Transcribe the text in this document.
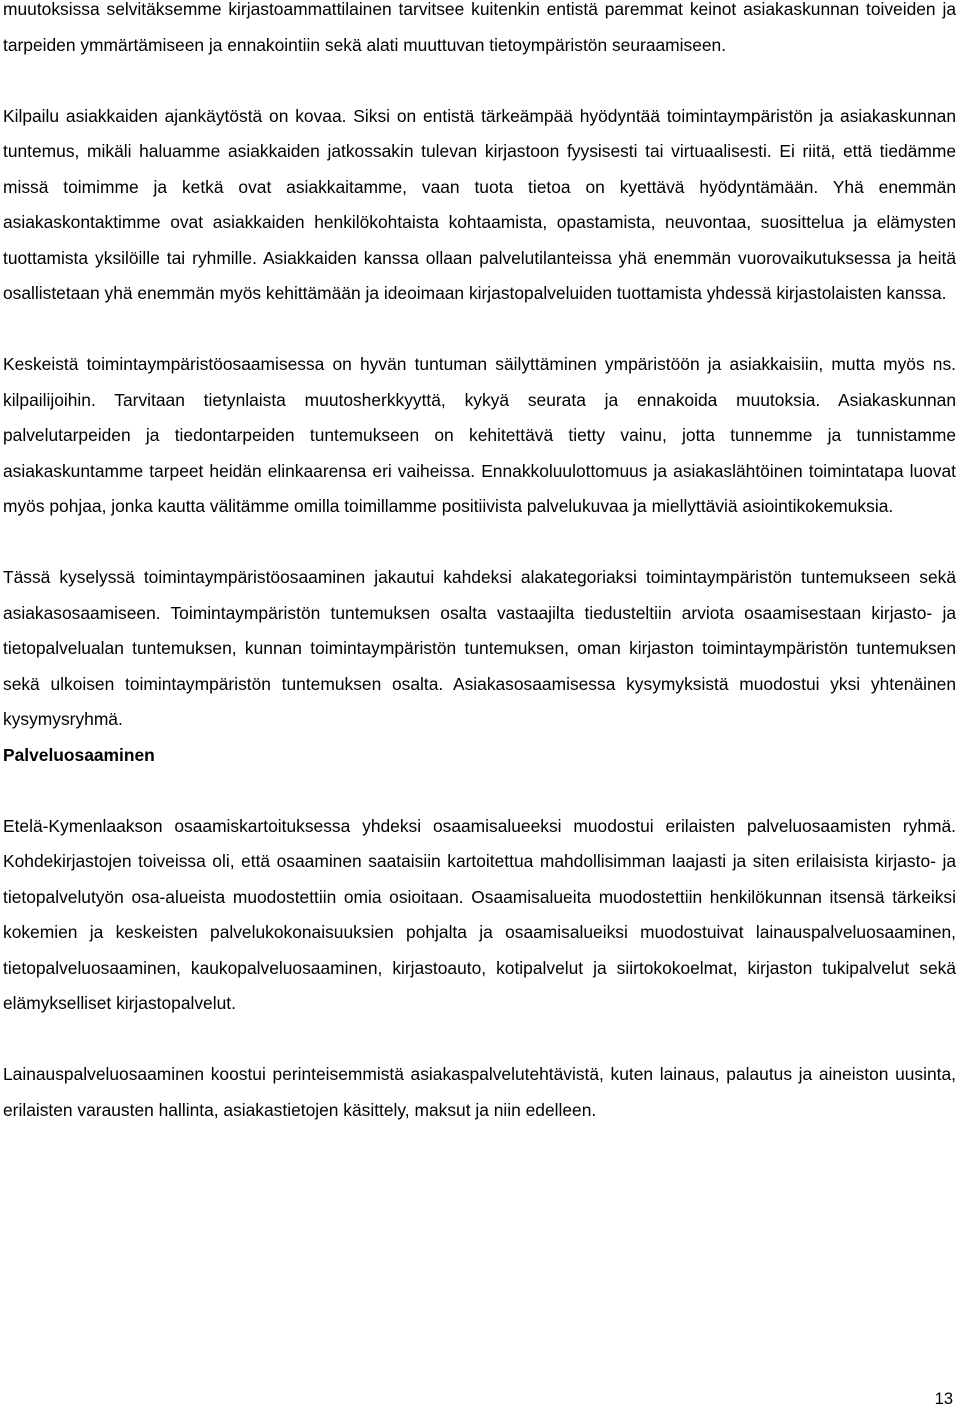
muutoksissa selvitäksemme kirjastoammattilainen tarvitsee kuitenkin entistä paremmat keinot asiakaskunnan toiveiden ja tarpeiden ymmärtämiseen ja ennakointiin sekä alati muuttuvan tietoympäristön seuraamiseen.

Kilpailu asiakkaiden ajankäytöstä on kovaa. Siksi on entistä tärkeämpää hyödyntää toimintaympäristön ja asiakaskunnan tuntemus, mikäli haluamme asiakkaiden jatkossakin tulevan kirjastoon fyysisesti tai virtuaalisesti. Ei riitä, että tiedämme missä toimimme ja ketkä ovat asiakkaitamme, vaan tuota tietoa on kyettävä hyödyntämään. Yhä enemmän asiakaskontaktimme ovat asiakkaiden henkilökohtaista kohtaamista, opastamista, neuvontaa, suosittelua ja elämysten tuottamista yksilöille tai ryhmille. Asiakkaiden kanssa ollaan palvelutilanteissa yhä enemmän vuorovaikutuksessa ja heitä osallistetaan yhä enemmän myös kehittämään ja ideoimaan kirjastopalveluiden tuottamista yhdessä kirjastolaisten kanssa.

Keskeistä toimintaympäristöosaamisessa on hyvän tuntuman säilyttäminen ympäristöön ja asiakkaisiin, mutta myös ns. kilpailijoihin. Tarvitaan tietynlaista muutosherkkyyttä, kykyä seurata ja ennakoida muutoksia. Asiakaskunnan palvelutarpeiden ja tiedontarpeiden tuntemukseen on kehitettävä tietty vainu, jotta tunnemme ja tunnistamme asiakaskuntamme tarpeet heidän elinkaarensa eri vaiheissa. Ennakkoluulottomuus ja asiakaslähtöinen toimintatapa luovat myös pohjaa, jonka kautta välitämme omilla toimillamme positiivista palvelukuvaa ja miellyttäviä asiointikokemuksia.

Tässä kyselyssä toimintaympäristöosaaminen jakautui kahdeksi alakategoriaksi toimintaympäristön tuntemukseen sekä asiakasosaamiseen. Toimintaympäristön tuntemuksen osalta vastaajilta tiedusteltiin arviota osaamisestaan kirjasto- ja tietopalvelualan tuntemuksen, kunnan toimintaympäristön tuntemuksen, oman kirjaston toimintaympäristön tuntemuksen sekä ulkoisen toimintaympäristön tuntemuksen osalta. Asiakasosaamisessa kysymyksistä muodostui yksi yhtenäinen kysymysryhmä.

Palveluosaaminen

Etelä-Kymenlaakson osaamiskartoituksessa yhdeksi osaamisalueeksi muodostui erilaisten palveluosaamisten ryhmä. Kohdekirjastojen toiveissa oli, että osaaminen saataisiin kartoitettua mahdollisimman laajasti ja siten erilaisista kirjasto- ja tietopalvelutyön osa-alueista muodostettiin omia osioitaan. Osaamisalueita muodostettiin henkilökunnan itsensä tärkeiksi kokemien ja keskeisten palvelukokonaisuuksien pohjalta ja osaamisalueiksi muodostuivat lainauspalveluosaaminen, tietopalveluosaaminen, kaukopalveluosaaminen, kirjastoauto, kotipalvelut ja siirtokokoelmat, kirjaston tukipalvelut sekä elämykselliset kirjastopalvelut.

Lainauspalveluosaaminen koostui perinteisemmistä asiakaspalvelutehtävistä, kuten lainaus, palautus ja aineiston uusinta, erilaisten varausten hallinta, asiakastietojen käsittely, maksut ja niin edelleen.

13
